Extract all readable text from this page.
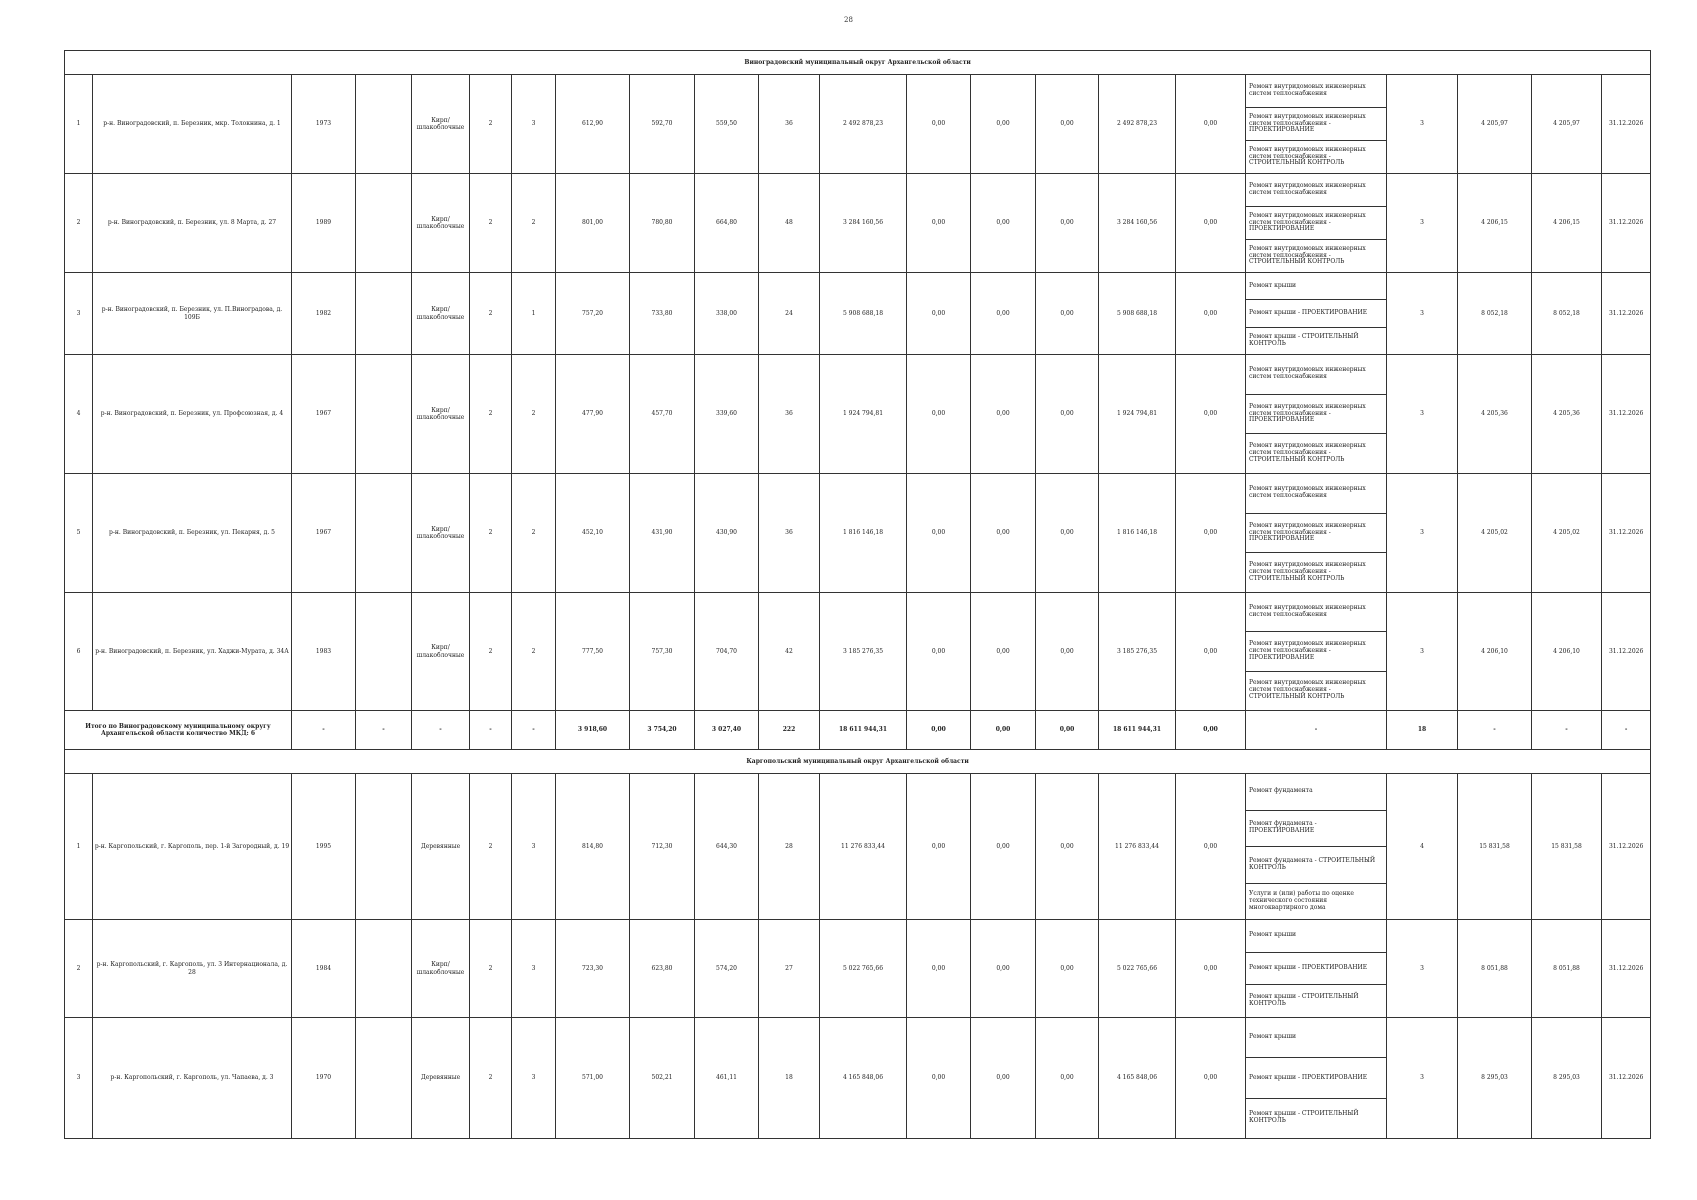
28
Виноградовский муниципальный округ Архангельской области																					
1	р-н. Виноградовский, п. Березник, мкр. Толокнина, д. 1	1973		Кирп/ шлакоблочные	2	3	612,90	592,70	559,50	36	2 492 878,23	0,00	0,00	0,00	2 492 878,23	0,00	Ремонт внутридомовых инженерных систем теплоснабжения
Ремонт внутридомовых инженерных систем теплоснабжения - ПРОЕКТИРОВАНИЕ
Ремонт внутридомовых инженерных систем теплоснабжения - СТРОИТЕЛЬНЫЙ КОНТРОЛЬ	3	4 205,97	4 205,97	31.12.2026
2	р-н. Виноградовский, п. Березник, ул. 8 Марта, д. 27	1989		Кирп/ шлакоблочные	2	2	801,00	780,80	664,80	48	3 284 160,56	0,00	0,00	0,00	3 284 160,56	0,00	Ремонт внутридомовых инженерных систем теплоснабжения
Ремонт внутридомовых инженерных систем теплоснабжения - ПРОЕКТИРОВАНИЕ
Ремонт внутридомовых инженерных систем теплоснабжения - СТРОИТЕЛЬНЫЙ КОНТРОЛЬ	3	4 206,15	4 206,15	31.12.2026
3	р-н. Виноградовский, п. Березник, ул. П.Виноградова, д. 109Б	1982		Кирп/ шлакоблочные	2	1	757,20	733,80	338,00	24	5 908 688,18	0,00	0,00	0,00	5 908 688,18	0,00	Ремонт крыши
Ремонт крыши - ПРОЕКТИРОВАНИЕ
Ремонт крыши - СТРОИТЕЛЬНЫЙ КОНТРОЛЬ	3	8 052,18	8 052,18	31.12.2026
4	р-н. Виноградовский, п. Березник, ул. Профсоюзная, д. 4	1967		Кирп/ шлакоблочные	2	2	477,90	457,70	339,60	36	1 924 794,81	0,00	0,00	0,00	1 924 794,81	0,00	Ремонт внутридомовых инженерных систем теплоснабжения
Ремонт внутридомовых инженерных систем теплоснабжения - ПРОЕКТИРОВАНИЕ
Ремонт внутридомовых инженерных систем теплоснабжения - СТРОИТЕЛЬНЫЙ КОНТРОЛЬ	3	4 205,36	4 205,36	31.12.2026
5	р-н. Виноградовский, п. Березник, ул. Пекарня, д. 5	1967		Кирп/ шлакоблочные	2	2	452,10	431,90	430,90	36	1 816 146,18	0,00	0,00	0,00	1 816 146,18	0,00	Ремонт внутридомовых инженерных систем теплоснабжения
Ремонт внутридомовых инженерных систем теплоснабжения - ПРОЕКТИРОВАНИЕ
Ремонт внутридомовых инженерных систем теплоснабжения - СТРОИТЕЛЬНЫЙ КОНТРОЛЬ	3	4 205,02	4 205,02	31.12.2026
6	р-н. Виноградовский, п. Березник, ул. Хаджи-Мурата, д. 34А	1983		Кирп/ шлакоблочные	2	2	777,50	757,30	704,70	42	3 185 276,35	0,00	0,00	0,00	3 185 276,35	0,00	Ремонт внутридомовых инженерных систем теплоснабжения
Ремонт внутридомовых инженерных систем теплоснабжения - ПРОЕКТИРОВАНИЕ
Ремонт внутридомовых инженерных систем теплоснабжения - СТРОИТЕЛЬНЫЙ КОНТРОЛЬ	3	4 206,10	4 206,10	31.12.2026
Итого по Виноградовскому муниципальному округу Архангельской области количество МКД: 6		-	-	-	-	-	3 918,60	3 754,20	3 027,40	222	18 611 944,31	0,00	0,00	0,00	18 611 944,31	0,00	-	18	-	-	-
Каргопольский муниципальный округ Архангельской области																					
1	р-н. Каргопольский, г. Каргополь, пер. 1-й Загородный, д. 19	1995		Деревянные	2	3	814,80	712,30	644,30	28	11 276 833,44	0,00	0,00	0,00	11 276 833,44	0,00	Ремонт фундамента
Ремонт фундамента - ПРОЕКТИРОВАНИЕ
Ремонт фундамента - СТРОИТЕЛЬНЫЙ КОНТРОЛЬ
Услуги и (или) работы по оценке технического состояния многоквартирного дома	4	15 831,58	15 831,58	31.12.2026
2	р-н. Каргопольский, г. Каргополь, ул. 3 Интернационала, д. 28	1984		Кирп/ шлакоблочные	2	3	723,30	623,80	574,20	27	5 022 765,66	0,00	0,00	0,00	5 022 765,66	0,00	Ремонт крыши
Ремонт крыши - ПРОЕКТИРОВАНИЕ
Ремонт крыши - СТРОИТЕЛЬНЫЙ КОНТРОЛЬ	3	8 051,88	8 051,88	31.12.2026
3	р-н. Каргопольский, г. Каргополь, ул. Чапаева, д. 3	1970		Деревянные	2	3	571,00	502,21	461,11	18	4 165 848,06	0,00	0,00	0,00	4 165 848,06	0,00	Ремонт крыши
Ремонт крыши - ПРОЕКТИРОВАНИЕ
Ремонт крыши - СТРОИТЕЛЬНЫЙ КОНТРОЛЬ	3	8 295,03	8 295,03	31.12.2026
